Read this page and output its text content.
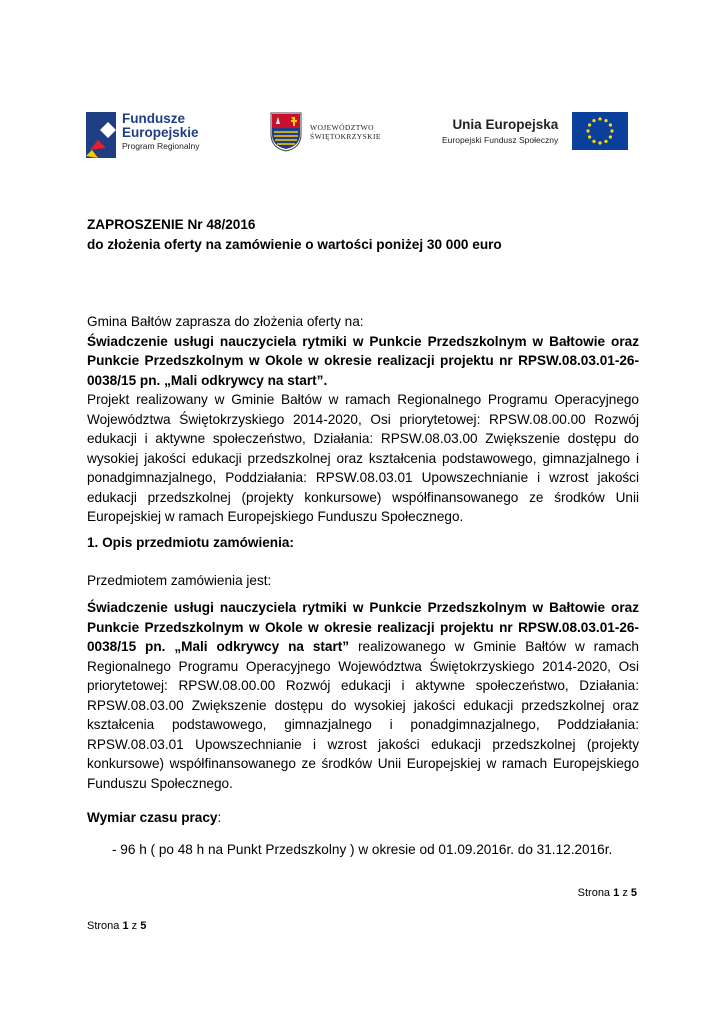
Fundusze
Europejskie
Program Regionalny
WOJEWÓDZTWO
ŚWIĘTOKRZYSKIE
Unia Europejska
Europejski Fundusz Społeczny

ZAPROSZENIE Nr 48/2016

do złożenia oferty na zamówienie o wartości poniżej 30 000 euro

Gmina Bałtów zaprasza do złożenia oferty na:

Świadczenie usługi nauczyciela rytmiki w Punkcie Przedszkolnym w Bałtowie oraz Punkcie Przedszkolnym w Okole w okresie realizacji projektu nr RPSW.08.03.01-26-0038/15 pn. „Mali odkrywcy na start”.

Projekt realizowany w Gminie Bałtów w ramach Regionalnego Programu Operacyjnego Województwa Świętokrzyskiego 2014-2020, Osi priorytetowej: RPSW.08.00.00 Rozwój edukacji i aktywne społeczeństwo, Działania: RPSW.08.03.00 Zwiększenie dostępu do wysokiej jakości edukacji przedszkolnej oraz kształcenia podstawowego, gimnazjalnego i ponadgimnazjalnego, Poddziałania: RPSW.08.03.01 Upowszechnianie i wzrost jakości edukacji przedszkolnej (projekty konkursowe) współfinansowanego ze środków Unii Europejskiej w ramach Europejskiego Funduszu Społecznego.

1. Opis przedmiotu zamówienia:
Przedmiotem zamówienia jest:

Świadczenie usługi nauczyciela rytmiki w Punkcie Przedszkolnym w Bałtowie oraz Punkcie Przedszkolnym w Okole w okresie realizacji projektu nr RPSW.08.03.01-26-0038/15 pn. „Mali odkrywcy na start” realizowanego w Gminie Bałtów w ramach Regionalnego Programu Operacyjnego Województwa Świętokrzyskiego 2014-2020, Osi priorytetowej: RPSW.08.00.00 Rozwój edukacji i aktywne społeczeństwo, Działania: RPSW.08.03.00 Zwiększenie dostępu do wysokiej jakości edukacji przedszkolnej oraz kształcenia podstawowego, gimnazjalnego i ponadgimnazjalnego, Poddziałania: RPSW.08.03.01 Upowszechnianie i wzrost jakości edukacji przedszkolnej (projekty konkursowe) współfinansowanego ze środków Unii Europejskiej w ramach Europejskiego Funduszu Społecznego.

Wymiar czasu pracy:
- 96 h ( po 48 h na Punkt Przedszkolny ) w okresie od 01.09.2016r. do 31.12.2016r.
Strona 1 z 5
Strona 1 z 5
